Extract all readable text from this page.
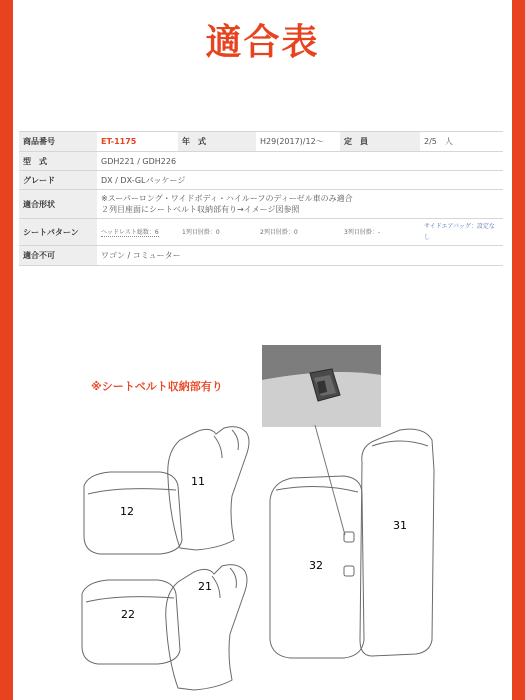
適合表
商品番号	ET-1175	年　式	H29(2017)/12〜	定　員	2/5　人
型　式	GDH221 / GDH226				
グレード	DX / DX-GLパッケージ				
適合形状	※スーパーロング・ワイドボディ・ハイルーフのディーゼル車のみ適合
２列目座面にシートベルト収納部有り→イメージ図参照				

シートパターン	ヘッドレスト総数：6	1列目肘掛：0	2列目肘掛：0	3列目肘掛：-	サイドエアバッグ：設定なし
適合不可	ワゴン / コミューター				
※シートベルト収納部有り
11
12
21
22
31
32
